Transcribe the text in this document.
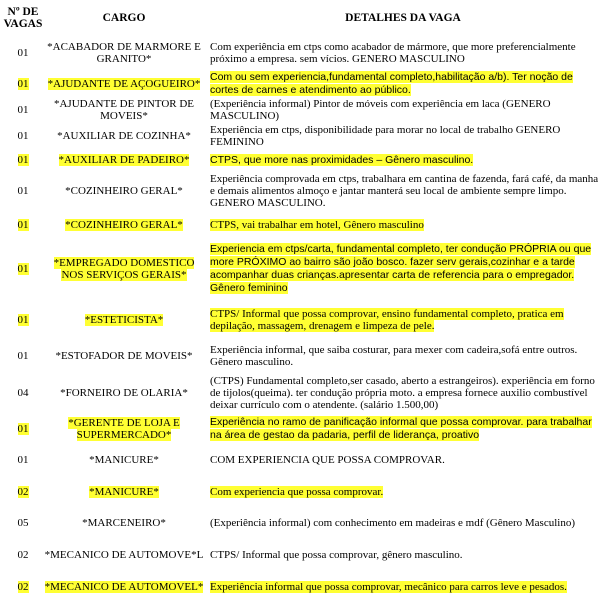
Nº DE VAGAS	CARGO	DETALHES DA VAGA
01	*ACABADOR DE MARMORE E GRANITO*	Com experiência em ctps como acabador de mármore, que more preferencialmente próximo a empresa. sem vícios. GENERO MASCULINO
01	*AJUDANTE DE AÇOGUEIRO*	Com ou sem experiencia,fundamental completo,habilitação a/b). Ter noção de cortes de carnes e atendimento ao público.
01	*AJUDANTE DE PINTOR DE MOVEIS*	(Experiência informal) Pintor de móveis com experiência em laca (GENERO MASCULINO)
01	*AUXILIAR DE COZINHA*	Experiência em ctps, disponibilidade para morar no local de trabalho GENERO FEMININO
01	*AUXILIAR DE PADEIRO*	CTPS, que more nas proximidades – Gênero masculino.
01	*COZINHEIRO GERAL*	Experiência comprovada em ctps, trabalhara em cantina de fazenda, fará café, da manha e demais alimentos almoço e jantar manterá seu local de ambiente sempre limpo. GENERO MASCULINO.
01	*COZINHEIRO GERAL*	CTPS, vai trabalhar em hotel, Gênero masculino
01	*EMPREGADO DOMESTICO NOS SERVIÇOS GERAIS*	Experiencia em ctps/carta, fundamental completo, ter condução PRÓPRIA ou que more PRÓXIMO ao bairro são joão bosco. fazer serv gerais,cozinhar e a tarde acompanhar duas crianças.apresentar carta de referencia para o empregador. Gênero feminino
01	*ESTETICISTA*	CTPS/ Informal que possa comprovar, ensino fundamental completo, pratica em depilação, massagem, drenagem e limpeza de pele.
01	*ESTOFADOR DE MOVEIS*	Experiência informal, que saiba costurar, para mexer com cadeira,sofá entre outros. Gênero masculino.
04	*FORNEIRO DE OLARIA*	(CTPS) Fundamental completo,ser casado, aberto a estrangeiros). experiência em forno de tijolos(queima). ter condução própria moto. a empresa fornece auxilio combustível deixar currículo com o atendente. (salário 1.500,00)
01	*GERENTE DE LOJA E SUPERMERCADO*	Experiência no ramo de panificação informal que possa comprovar. para trabalhar na área de gestao da padaria, perfil de liderança, proativo
01	*MANICURE*	COM EXPERIENCIA QUE POSSA COMPROVAR.
02	*MANICURE*	Com experiencia que possa comprovar.
05	*MARCENEIRO*	(Experiência informal) com conhecimento em madeiras e mdf (Gênero Masculino)
02	*MECANICO DE AUTOMOVE*L	CTPS/ Informal que possa comprovar, gênero masculino.
02	*MECANICO DE AUTOMOVEL*	Experiência informal que possa comprovar, mecânico para carros leve e pesados.
